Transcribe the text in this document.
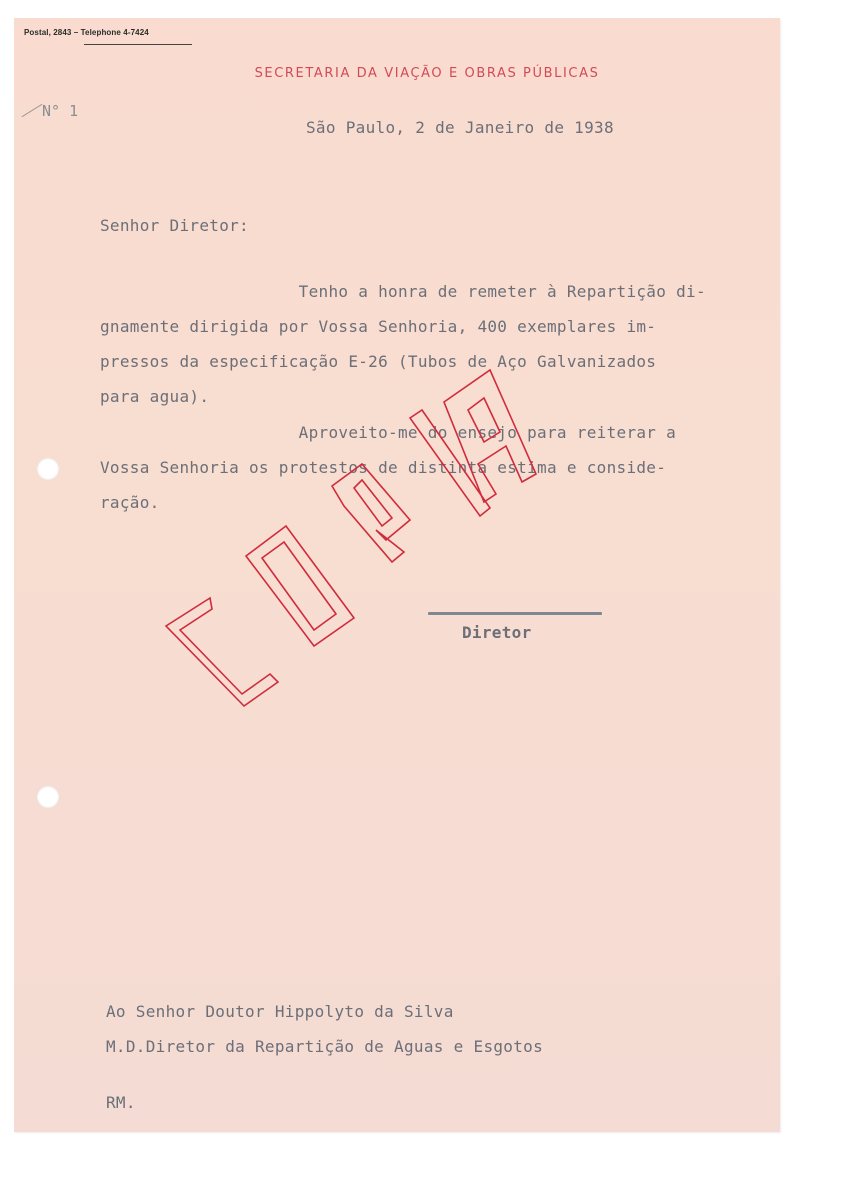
Postal, 2843 – Telephone 4-7424
SECRETARIA DA VIAÇÃO E OBRAS PÚBLICAS
N° 1
São Paulo, 2 de Janeiro de 1938
Senhor Diretor:
Tenho a honra de remeter à Repartição di-
gnamente dirigida por Vossa Senhoria, 400 exemplares im-
pressos da especificação E-26 (Tubos de Aço Galvanizados
para agua).
Aproveito-me do ensejo para reiterar a
Vossa Senhoria os protestos de distinta estima e conside-
ração.
Diretor
Ao Senhor Doutor Hippolyto da Silva
M.D.Diretor da Repartição de Aguas e Esgotos
RM.
